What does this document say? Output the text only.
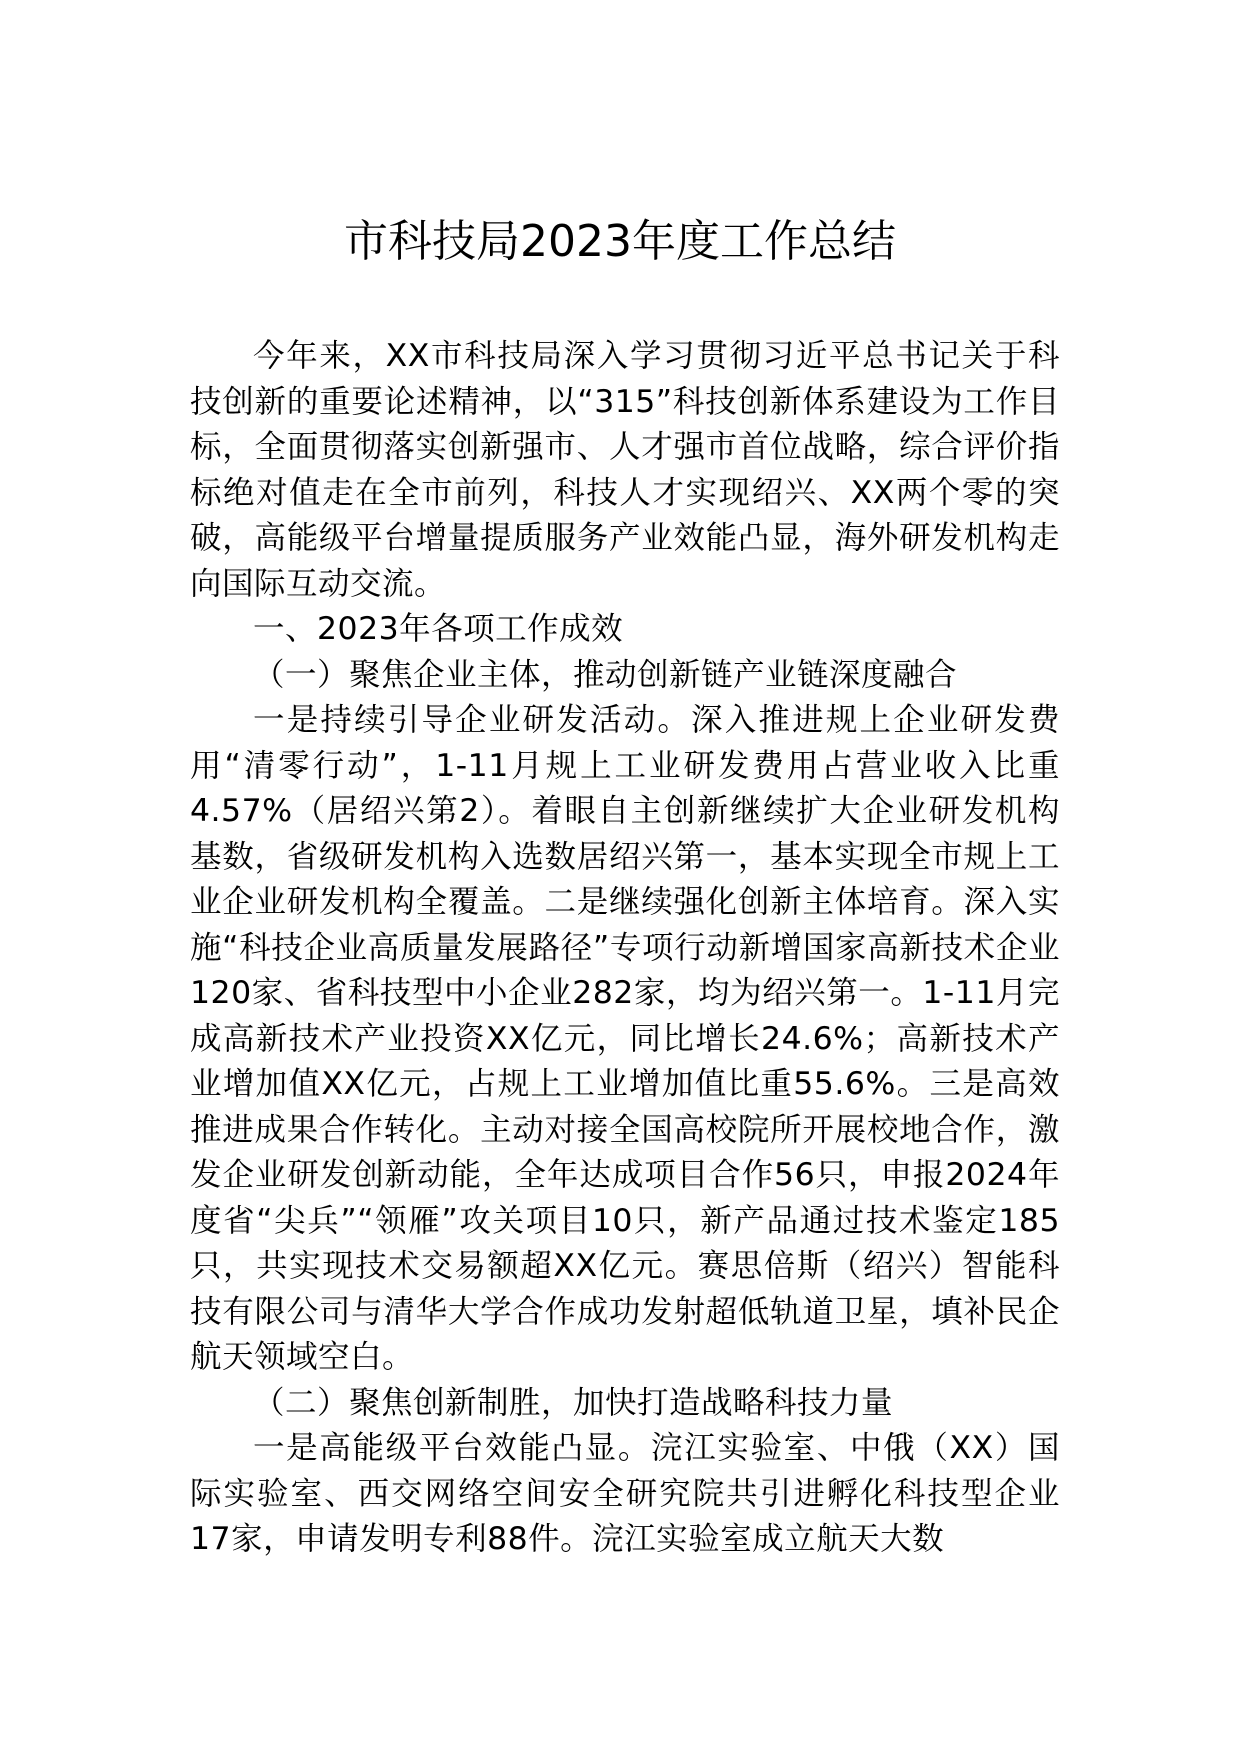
市科技局2023年度工作总结

今年来，XX市科技局深入学习贯彻习近平总书记关于科技创新的重要论述精神，以“315”科技创新体系建设为工作目标，全面贯彻落实创新强市、人才强市首位战略，综合评价指标绝对值走在全市前列，科技人才实现绍兴、XX两个零的突破，高能级平台增量提质服务产业效能凸显，海外研发机构走向国际互动交流。

一、2023年各项工作成效

（一）聚焦企业主体，推动创新链产业链深度融合

一是持续引导企业研发活动。深入推进规上企业研发费用“清零行动”，1-11月规上工业研发费用占营业收入比重4.57%（居绍兴第2）。着眼自主创新继续扩大企业研发机构基数，省级研发机构入选数居绍兴第一，基本实现全市规上工业企业研发机构全覆盖。二是继续强化创新主体培育。深入实施“科技企业高质量发展路径”专项行动新增国家高新技术企业120家、省科技型中小企业282家，均为绍兴第一。1-11月完成高新技术产业投资XX亿元，同比增长24.6%；高新技术产业增加值XX亿元，占规上工业增加值比重55.6%。三是高效推进成果合作转化。主动对接全国高校院所开展校地合作，激发企业研发创新动能，全年达成项目合作56只，申报2024年度省“尖兵”“领雁”攻关项目10只，新产品通过技术鉴定185只，共实现技术交易额超XX亿元。赛思倍斯（绍兴）智能科技有限公司与清华大学合作成功发射超低轨道卫星，填补民企航天领域空白。

（二）聚焦创新制胜，加快打造战略科技力量

一是高能级平台效能凸显。浣江实验室、中俄（XX）国际实验室、西交网络空间安全研究院共引进孵化科技型企业17家，申请发明专利88件。浣江实验室成立航天大数
